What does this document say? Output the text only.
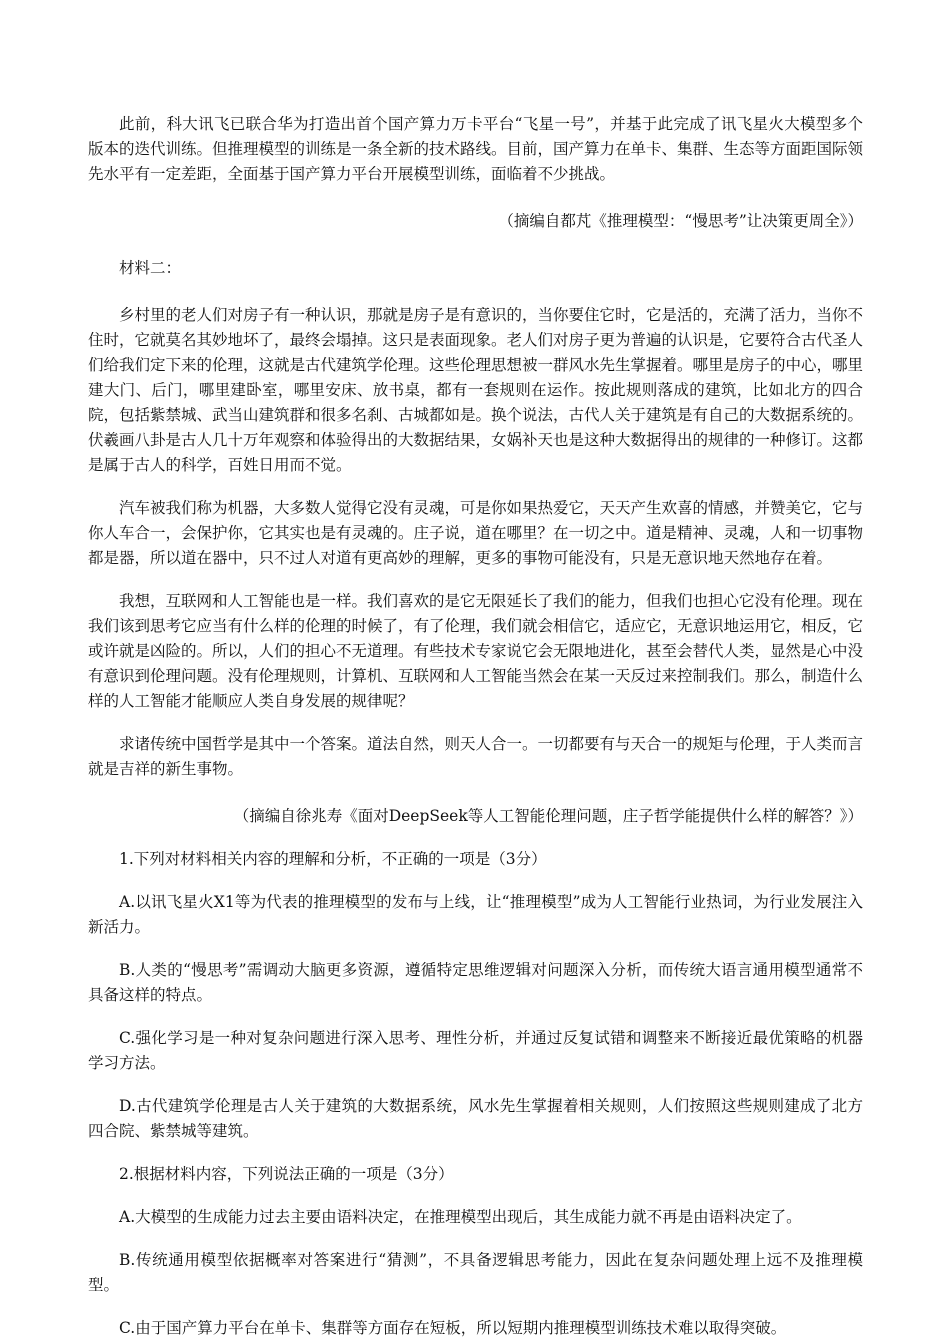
此前，科大讯飞已联合华为打造出首个国产算力万卡平台“飞星一号”，并基于此完成了讯飞星火大模型多个版本的迭代训练。但推理模型的训练是一条全新的技术路线。目前，国产算力在单卡、集群、生态等方面距国际领先水平有一定差距，全面基于国产算力平台开展模型训练，面临着不少挑战。

（摘编自都芃《推理模型：“慢思考”让决策更周全》）

材料二：

乡村里的老人们对房子有一种认识，那就是房子是有意识的，当你要住它时，它是活的，充满了活力，当你不住时，它就莫名其妙地坏了，最终会塌掉。这只是表面现象。老人们对房子更为普遍的认识是，它要符合古代圣人们给我们定下来的伦理，这就是古代建筑学伦理。这些伦理思想被一群风水先生掌握着。哪里是房子的中心，哪里建大门、后门，哪里建卧室，哪里安床、放书桌，都有一套规则在运作。按此规则落成的建筑，比如北方的四合院，包括紫禁城、武当山建筑群和很多名刹、古城都如是。换个说法，古代人关于建筑是有自己的大数据系统的。伏羲画八卦是古人几十万年观察和体验得出的大数据结果，女娲补天也是这种大数据得出的规律的一种修订。这都是属于古人的科学，百姓日用而不觉。

汽车被我们称为机器，大多数人觉得它没有灵魂，可是你如果热爱它，天天产生欢喜的情感，并赞美它，它与你人车合一，会保护你，它其实也是有灵魂的。庄子说，道在哪里？在一切之中。道是精神、灵魂，人和一切事物都是器，所以道在器中，只不过人对道有更高妙的理解，更多的事物可能没有，只是无意识地天然地存在着。

我想，互联网和人工智能也是一样。我们喜欢的是它无限延长了我们的能力，但我们也担心它没有伦理。现在我们该到思考它应当有什么样的伦理的时候了，有了伦理，我们就会相信它，适应它，无意识地运用它，相反，它或许就是凶险的。所以，人们的担心不无道理。有些技术专家说它会无限地进化，甚至会替代人类，显然是心中没有意识到伦理问题。没有伦理规则，计算机、互联网和人工智能当然会在某一天反过来控制我们。那么，制造什么样的人工智能才能顺应人类自身发展的规律呢？

求诸传统中国哲学是其中一个答案。道法自然，则天人合一。一切都要有与天合一的规矩与伦理，于人类而言就是吉祥的新生事物。

（摘编自徐兆寿《面对DeepSeek等人工智能伦理问题，庄子哲学能提供什么样的解答？》）

1.下列对材料相关内容的理解和分析，不正确的一项是（3分）

A.以讯飞星火X1等为代表的推理模型的发布与上线，让“推理模型”成为人工智能行业热词，为行业发展注入新活力。

B.人类的“慢思考”需调动大脑更多资源，遵循特定思维逻辑对问题深入分析，而传统大语言通用模型通常不具备这样的特点。

C.强化学习是一种对复杂问题进行深入思考、理性分析，并通过反复试错和调整来不断接近最优策略的机器学习方法。

D.古代建筑学伦理是古人关于建筑的大数据系统，风水先生掌握着相关规则，人们按照这些规则建成了北方四合院、紫禁城等建筑。

2.根据材料内容，下列说法正确的一项是（3分）

A.大模型的生成能力过去主要由语料决定，在推理模型出现后，其生成能力就不再是由语料决定了。

B.传统通用模型依据概率对答案进行“猜测”，不具备逻辑思考能力，因此在复杂问题处理上远不及推理模型。

C.由于国产算力平台在单卡、集群等方面存在短板，所以短期内推理模型训练技术难以取得突破。
